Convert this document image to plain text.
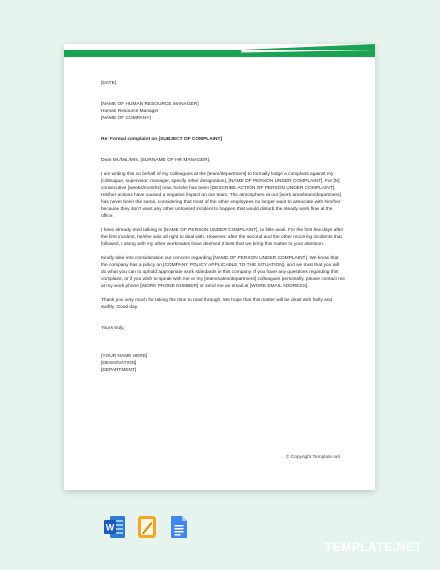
[DATE]

[NAME OF HUMAN RESOURCE MANAGER]

Human Resource Manager

[NAME OF COMPANY]

Re: Formal complaint on [SUBJECT OF COMPLAINT]

Dear Mr./Ms./Mrs. [SURNAME OF HR MANAGER],

I am writing this on behalf of my colleagues at the [team/department] to formally lodge a complaint against my [colleague, supervisor, manager, specify other designation], [NAME OF PERSON UNDER COMPLAINT]. For [N] consecutive [weeks/months] now, he/she has been [DESCRIBE ACTION OF PERSON UNDER COMPLAINT]. His/her actions have caused a negative impact on our team. The atmosphere at our [work area/team/department] has never been the same, considering that most of the other employees no longer want to associate with him/her because they don't want any other untoward incident to happen that would disturb the steady work flow at the office.

I have already tried talking to [NAME OF PERSON UNDER COMPLAINT], to little avail. For the first few days after the first incident, he/she was all right to deal with. However, after the second and the other recurring incidents that followed, I along with my other workmates have deemed it best that we bring this matter to your attention.

Kindly take into consideration our concern regarding [NAME OF PERSON UNDER COMPLAINT]. We know that the company has a policy on [COMPANY POLICY APPLICABLE TO THE SITUATION], and we trust that you will do what you can to uphold appropriate work standards in this company. If you have any questions regarding this complaint, or if you wish to speak with me or my [teammates/department] colleagues personally, please contact me at my work phone [WORK PHONE NUMBER] or send me an email at [WORK EMAIL ADDRESS].

Thank you very much for taking the time to read through. We hope that this matter will be dealt with fairly and swiftly. Good day.

Yours truly,

[YOUR NAME HERE]

[DESIGNATION]

[DEPARTMENT]

© Copyright Template.net
W
TEMPLATE.NET
